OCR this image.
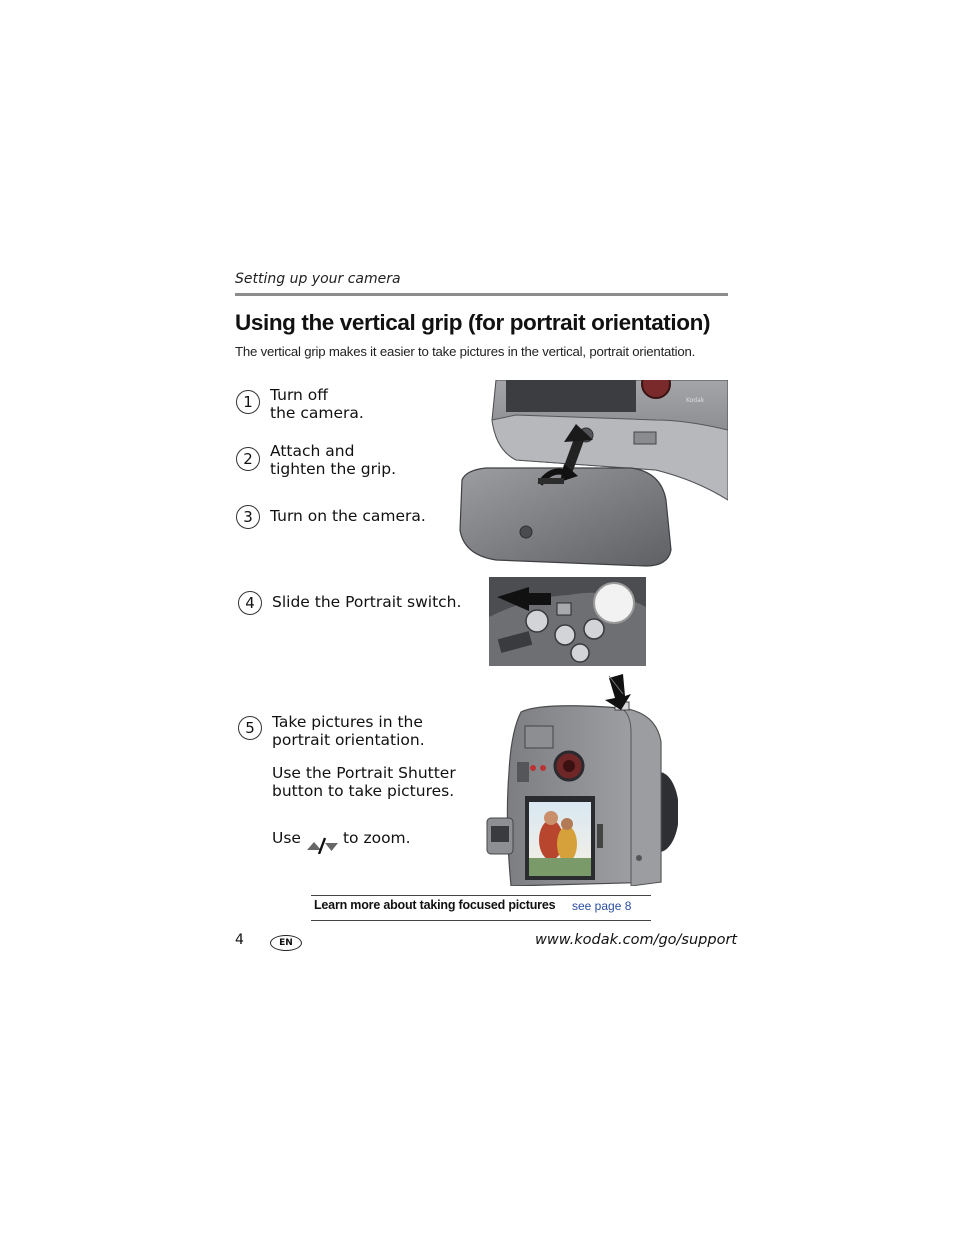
Setting up your camera
Using the vertical grip (for portrait orientation)
The vertical grip makes it easier to take pictures in the vertical, portrait orientation.
1	Turn off
the camera.
2	Attach and
tighten the grip.
3	Turn on the camera.
Kodak
4	Slide the Portrait switch.
5	Take pictures in the
portrait orientation.
Use the Portrait Shutter
button to take pictures.
Use	to zoom.
Learn more about taking focused pictures see page 8
4	EN	www.kodak.com/go/support
